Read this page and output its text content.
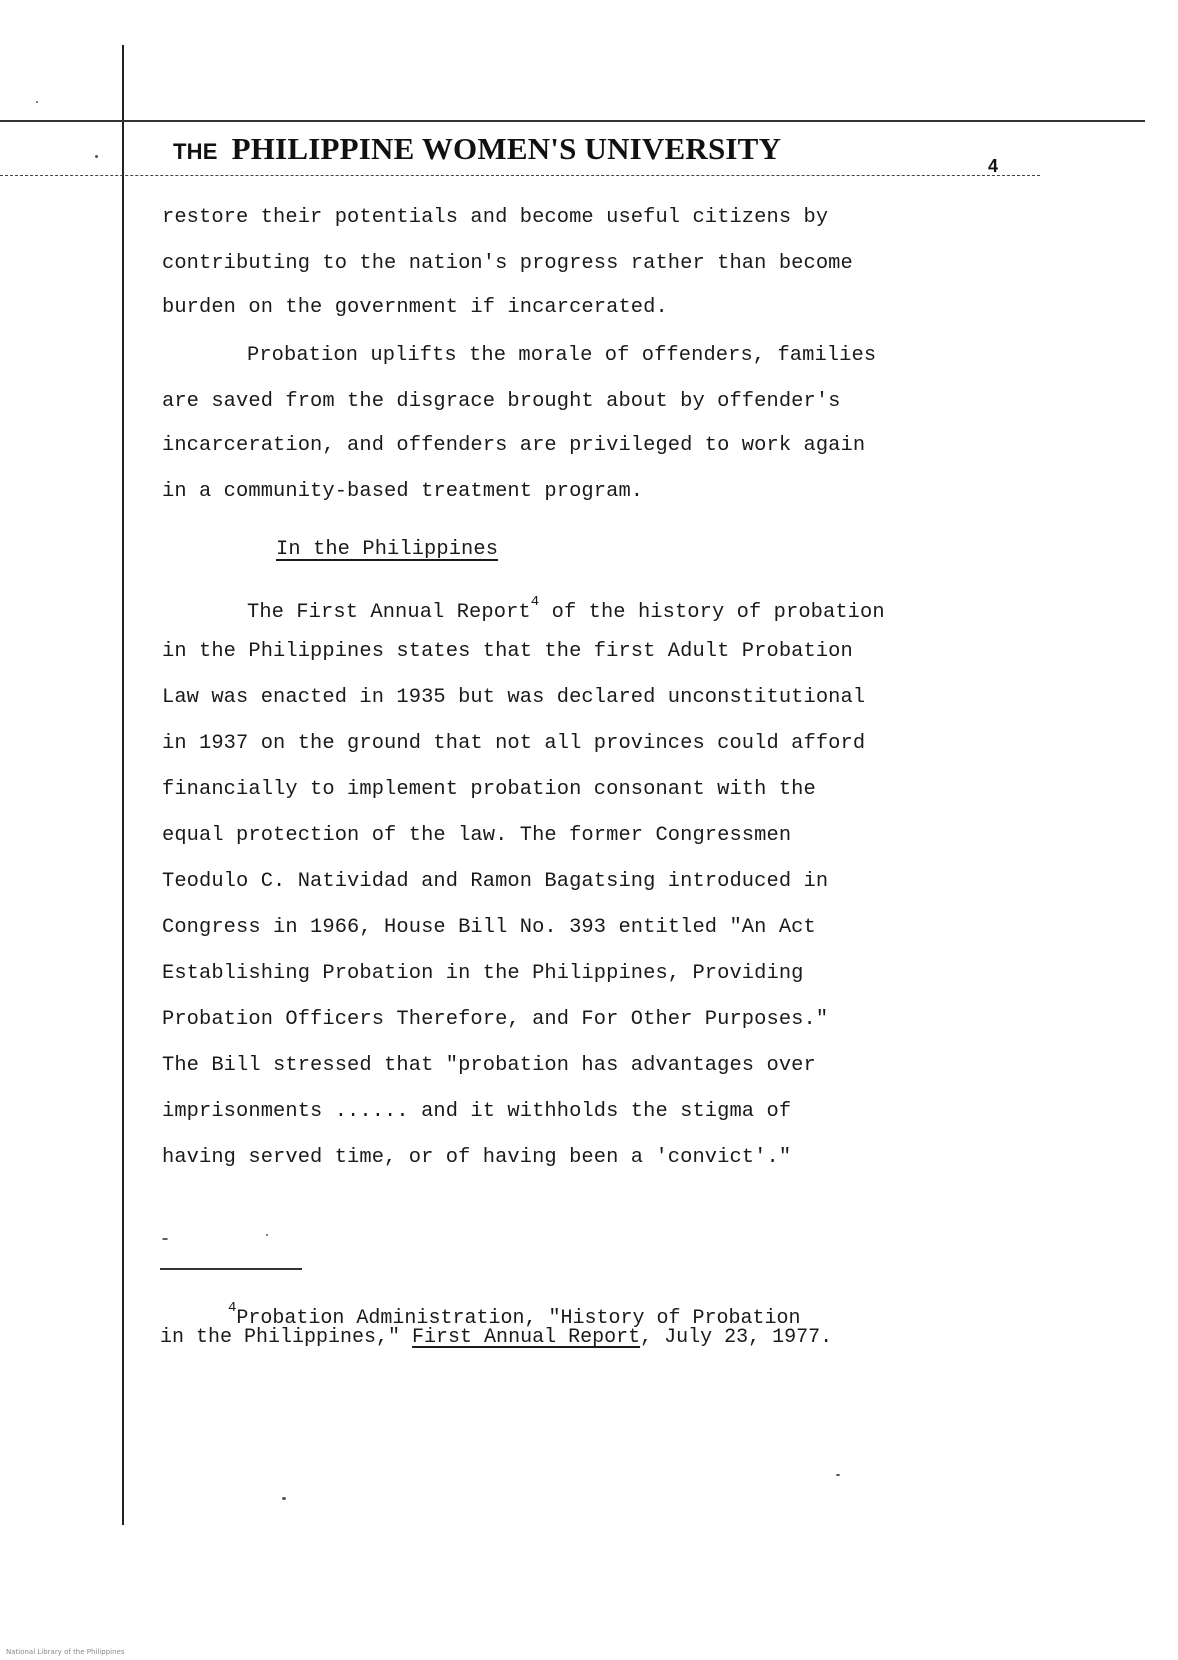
THE PHILIPPINE WOMEN'S UNIVERSITY	4
restore their potentials and become useful citizens by
contributing to the nation's progress rather than become
burden on the government if incarcerated.
Probation uplifts the morale of offenders, families
are saved from the disgrace brought about by offender's
incarceration, and offenders are privileged to work again
in a community-based treatment program.
In the Philippines
The First Annual Report$^4$ of the history of probation
in the Philippines states that the first Adult Probation
Law was enacted in 1935 but was declared unconstitutional
in 1937 on the ground that not all provinces could afford
financially to implement probation consonant with the
equal protection of the law. The former Congressmen
Teodulo C. Natividad and Ramon Bagatsing introduced in
Congress in 1966, House Bill No. 393 entitled "An Act
Establishing Probation in the Philippines, Providing
Probation Officers Therefore, and For Other Purposes."
The Bill stressed that "probation has advantages over
imprisonments ...... and it withholds the stigma of
having served time, or of having been a 'convict'."
$^4$Probation Administration, "History of Probation
in the Philippines," First Annual Report, July 23, 1977.
National Library of the Philippines
